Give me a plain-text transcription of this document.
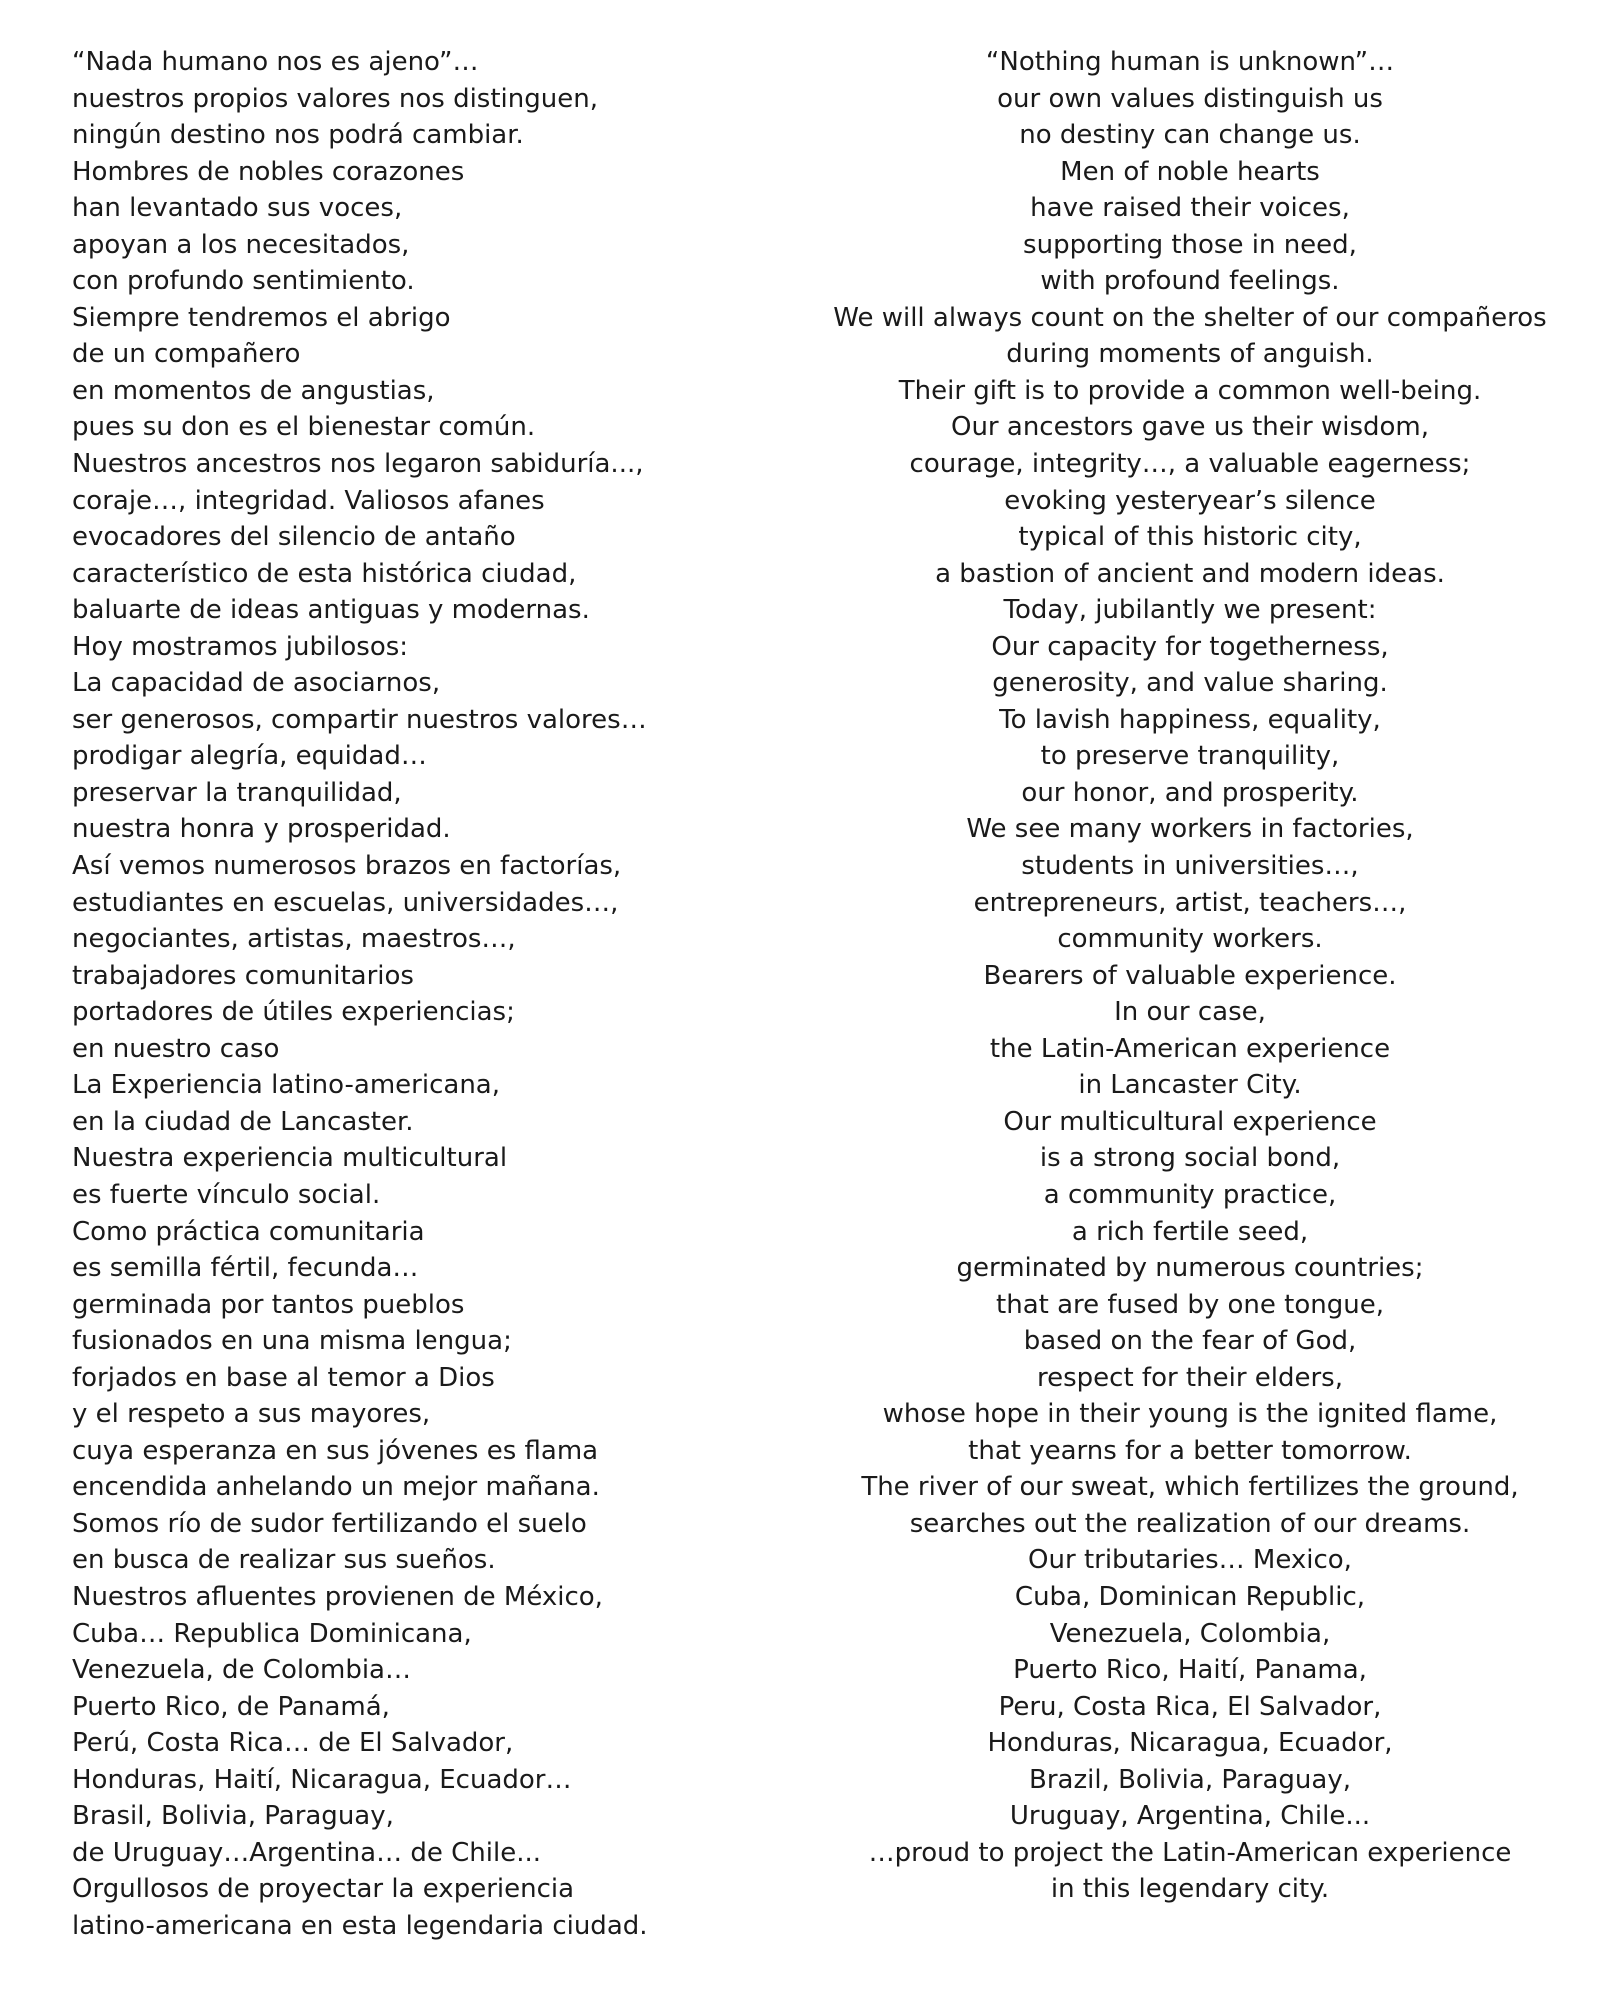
“Nada humano nos es ajeno”…
nuestros propios valores nos distinguen,
ningún destino nos podrá cambiar.
Hombres de nobles corazones
han levantado sus voces,
apoyan a los necesitados,
con profundo sentimiento.
Siempre tendremos el abrigo
de un compañero
en momentos de angustias,
pues su don es el bienestar común.
Nuestros ancestros nos legaron sabiduría...,
coraje…, integridad. Valiosos afanes
evocadores del silencio de antaño
característico de esta histórica ciudad,
baluarte de ideas antiguas y modernas.
Hoy mostramos jubilosos:
La capacidad de asociarnos,
ser generosos, compartir nuestros valores…
prodigar alegría, equidad…
preservar la tranquilidad,
nuestra honra y prosperidad.
Así vemos numerosos brazos en factorías,
estudiantes en escuelas, universidades…,
negociantes, artistas, maestros…,
trabajadores comunitarios
portadores de útiles experiencias;
en nuestro caso
La Experiencia latino-americana,
en la ciudad de Lancaster.
Nuestra experiencia multicultural
es fuerte vínculo social.
Como práctica comunitaria
es semilla fértil, fecunda…
germinada por tantos pueblos
fusionados en una misma lengua;
forjados en base al temor a Dios
y el respeto a sus mayores,
cuya esperanza en sus jóvenes es flama
encendida anhelando un mejor mañana.
Somos río de sudor fertilizando el suelo
en busca de realizar sus sueños.
Nuestros afluentes provienen de México,
Cuba… Republica Dominicana,
Venezuela, de Colombia…
Puerto Rico, de Panamá,
Perú, Costa Rica… de El Salvador,
Honduras, Haití, Nicaragua, Ecuador…
Brasil, Bolivia, Paraguay,
de Uruguay…Argentina… de Chile...
Orgullosos de proyectar la experiencia
latino-americana en esta legendaria ciudad.
“Nothing human is unknown”…
our own values distinguish us
no destiny can change us.
Men of noble hearts
have raised their voices,
supporting those in need,
with profound feelings.
We will always count on the shelter of our compañeros
during moments of anguish.
Their gift is to provide a common well-being.
Our ancestors gave us their wisdom,
courage, integrity…, a valuable eagerness;
evoking yesteryear’s silence
typical of this historic city,
a bastion of ancient and modern ideas.
Today, jubilantly we present:
Our capacity for togetherness,
generosity, and value sharing.
To lavish happiness, equality,
to preserve tranquility,
our honor, and prosperity.
We see many workers in factories,
students in universities…,
entrepreneurs, artist, teachers…,
community workers.
Bearers of valuable experience.
In our case,
the Latin-American experience
in Lancaster City.
Our multicultural experience
is a strong social bond,
a community practice,
a rich fertile seed,
germinated by numerous countries;
that are fused by one tongue,
based on the fear of God,
respect for their elders,
whose hope in their young is the ignited flame,
that yearns for a better tomorrow.
The river of our sweat, which fertilizes the ground,
searches out the realization of our dreams.
Our tributaries… Mexico,
Cuba, Dominican Republic,
Venezuela, Colombia,
Puerto Rico, Haití, Panama,
Peru, Costa Rica, El Salvador,
Honduras, Nicaragua, Ecuador,
Brazil, Bolivia, Paraguay,
Uruguay, Argentina, Chile...
…proud to project the Latin-American experience
in this legendary city.
